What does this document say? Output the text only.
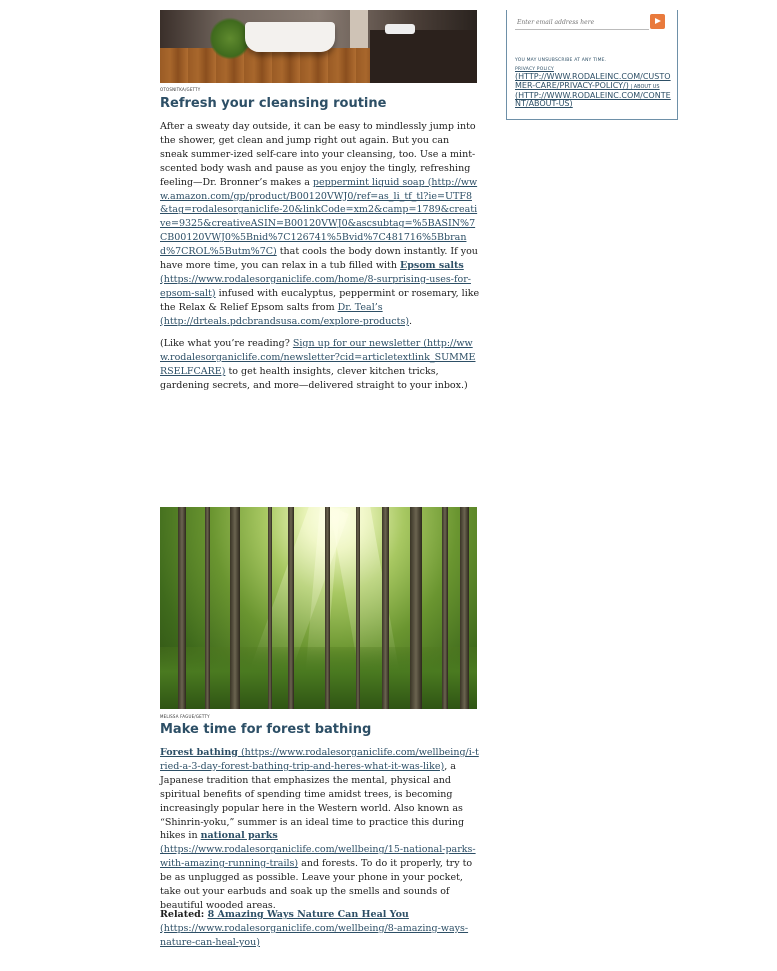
OTOSNITKA/GETTY
Refresh your cleansing routine

After a sweaty day outside, it can be easy to mindlessly jump into the shower, get clean and jump right out again. But you can sneak summer-ized self-care into your cleansing, too. Use a mint-scented body wash and pause as you enjoy the tingly, refreshing feeling—Dr. Bronner’s makes a peppermint liquid soap (http://www.amazon.com/gp/product/B00120VWJ0/ref=as_li_tf_tl?ie=UTF8&tag=rodalesorganiclife-20&linkCode=xm2&camp=1789&creative=9325&creativeASIN=B00120VWJ0&ascsubtag=%5BASIN%7CB00120VWJ0%5Bnid%7C126741%5Bvid%7C481716%5Bbrand%7CROL%5Butm%7C) that cools the body down instantly. If you have more time, you can relax in a tub filled with Epsom salts (https://www.rodalesorganiclife.com/home/8-surprising-uses-for-epsom-salt) infused with eucalyptus, peppermint or rosemary, like the Relax & Relief Epsom salts from Dr. Teal’s (http://drteals.pdcbrandsusa.com/explore-products).

(Like what you’re reading? Sign up for our newsletter (http://www.rodalesorganiclife.com/newsletter?cid=articletextlink_SUMMERSELFCARE) to get health insights, clever kitchen tricks, gardening secrets, and more—delivered straight to your inbox.)

Enter email address here
YOU MAY UNSUBSCRIBE AT ANY TIME.
PRIVACY POLICY
(HTTP://WWW.RODALEINC.COM/CUSTOMER-CARE/PRIVACY-POLICY/) | ABOUT US
(HTTP://WWW.RODALEINC.COM/CONTENT/ABOUT-US)
MELISSA FAGUE/GETTY
Make time for forest bathing

Forest bathing (https://www.rodalesorganiclife.com/wellbeing/i-tried-a-3-day-forest-bathing-trip-and-heres-what-it-was-like), a Japanese tradition that emphasizes the mental, physical and spiritual benefits of spending time amidst trees, is becoming increasingly popular here in the Western world. Also known as “Shinrin-yoku,” summer is an ideal time to practice this during hikes in national parks (https://www.rodalesorganiclife.com/wellbeing/15-national-parks-with-amazing-running-trails) and forests. To do it properly, try to be as unplugged as possible. Leave your phone in your pocket, take out your earbuds and soak up the smells and sounds of beautiful wooded areas.

Related: 8 Amazing Ways Nature Can Heal You (https://www.rodalesorganiclife.com/wellbeing/8-amazing-ways-nature-can-heal-you)
